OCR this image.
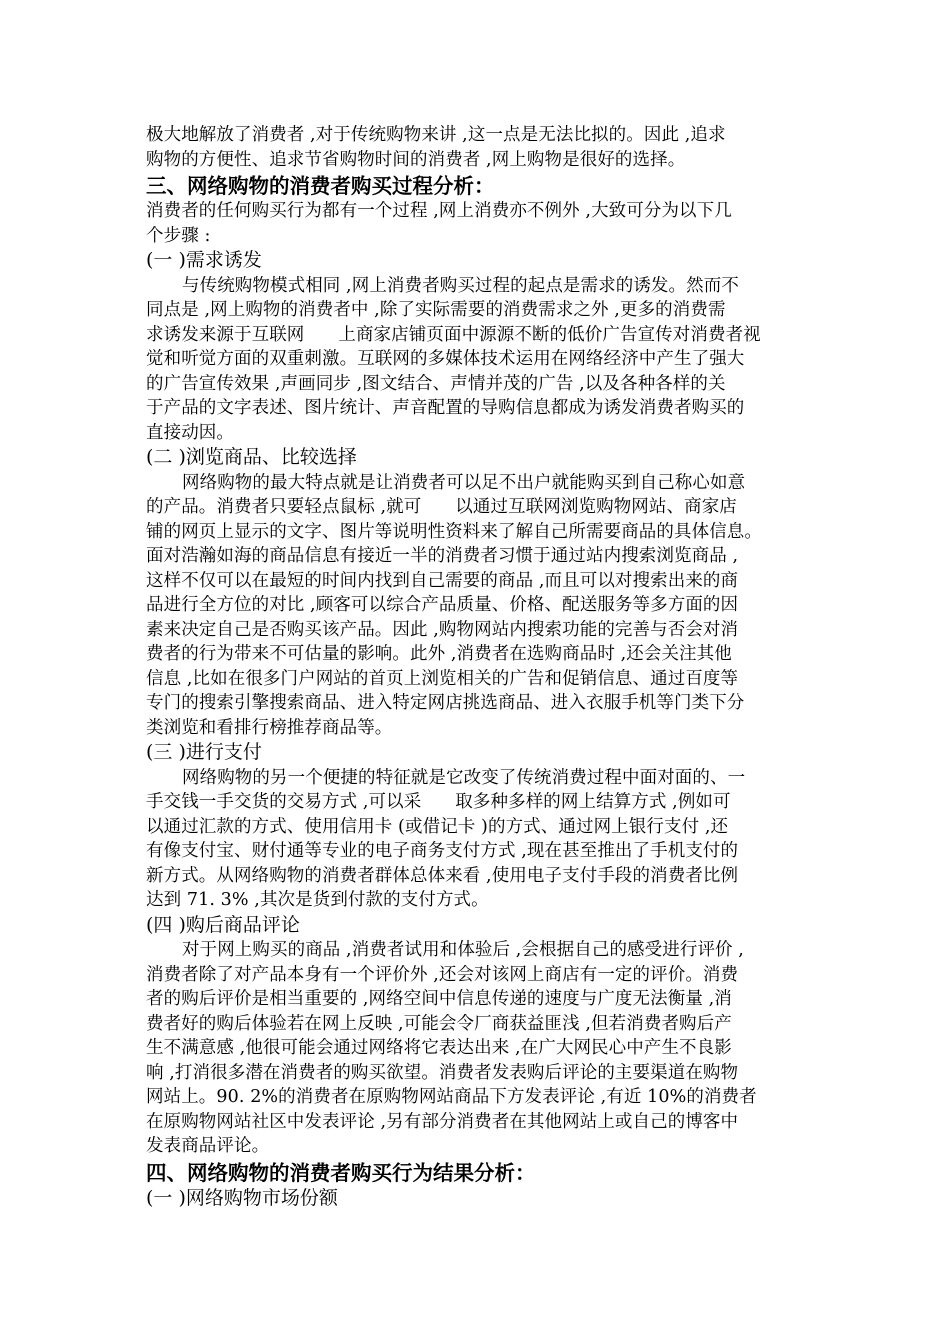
极大地解放了消费者 ,对于传统购物来讲 ,这一点是无法比拟的。因此 ,追求
购物的方便性、追求节省购物时间的消费者 ,网上购物是很好的选择。
三、网络购物的消费者购买过程分析：
消费者的任何购买行为都有一个过程 ,网上消费亦不例外 ,大致可分为以下几
个步骤 :
(一 )需求诱发
与传统购物模式相同 ,网上消费者购买过程的起点是需求的诱发。然而不
同点是 ,网上购物的消费者中 ,除了实际需要的消费需求之外 ,更多的消费需
求诱发来源于互联网      上商家店铺页面中源源不断的低价广告宣传对消费者视
觉和听觉方面的双重刺激。互联网的多媒体技术运用在网络经济中产生了强大
的广告宣传效果 ,声画同步 ,图文结合、声情并茂的广告 ,以及各种各样的关
于产品的文字表述、图片统计、声音配置的导购信息都成为诱发消费者购买的
直接动因。
(二 )浏览商品、比较选择
网络购物的最大特点就是让消费者可以足不出户就能购买到自己称心如意
的产品。消费者只要轻点鼠标 ,就可      以通过互联网浏览购物网站、商家店
铺的网页上显示的文字、图片等说明性资料来了解自己所需要商品的具体信息。
面对浩瀚如海的商品信息有接近一半的消费者习惯于通过站内搜索浏览商品 ,
这样不仅可以在最短的时间内找到自己需要的商品 ,而且可以对搜索出来的商
品进行全方位的对比 ,顾客可以综合产品质量、价格、配送服务等多方面的因
素来决定自己是否购买该产品。因此 ,购物网站内搜索功能的完善与否会对消
费者的行为带来不可估量的影响。此外 ,消费者在选购商品时 ,还会关注其他
信息 ,比如在很多门户网站的首页上浏览相关的广告和促销信息、通过百度等
专门的搜索引擎搜索商品、进入特定网店挑选商品、进入衣服手机等门类下分
类浏览和看排行榜推荐商品等。
(三 )进行支付
网络购物的另一个便捷的特征就是它改变了传统消费过程中面对面的、一
手交钱一手交货的交易方式 ,可以采      取多种多样的网上结算方式 ,例如可
以通过汇款的方式、使用信用卡 (或借记卡 )的方式、通过网上银行支付 ,还
有像支付宝、财付通等专业的电子商务支付方式 ,现在甚至推出了手机支付的
新方式。从网络购物的消费者群体总体来看 ,使用电子支付手段的消费者比例
达到 71. 3% ,其次是货到付款的支付方式。
(四 )购后商品评论
对于网上购买的商品 ,消费者试用和体验后 ,会根据自己的感受进行评价 ,
消费者除了对产品本身有一个评价外 ,还会对该网上商店有一定的评价。消费
者的购后评价是相当重要的 ,网络空间中信息传递的速度与广度无法衡量 ,消
费者好的购后体验若在网上反映 ,可能会令厂商获益匪浅 ,但若消费者购后产
生不满意感 ,他很可能会通过网络将它表达出来 ,在广大网民心中产生不良影
响 ,打消很多潜在消费者的购买欲望。消费者发表购后评论的主要渠道在购物
网站上。90. 2%的消费者在原购物网站商品下方发表评论 ,有近 10%的消费者
在原购物网站社区中发表评论 ,另有部分消费者在其他网站上或自己的博客中
发表商品评论。
四、网络购物的消费者购买行为结果分析：
(一 )网络购物市场份额
